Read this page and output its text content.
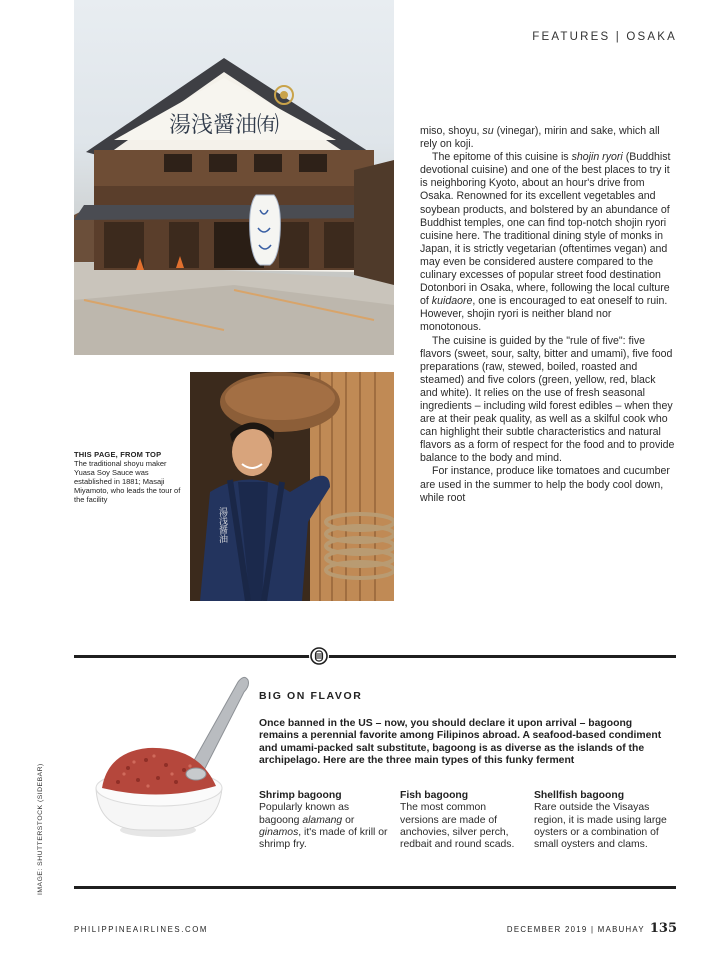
FEATURES | OSAKA
湯浅醤油㈲
湯浅醤油
THIS PAGE, FROM TOP
The traditional shoyu maker Yuasa Soy Sauce was established in 1881; Masaji Miyamoto, who leads the tour of the facility

miso, shoyu, su (vinegar), mirin and sake, which all rely on koji.

The epitome of this cuisine is shojin ryori (Buddhist devotional cuisine) and one of the best places to try it is neighboring Kyoto, about an hour's drive from Osaka. Renowned for its excellent vegetables and soybean products, and bolstered by an abundance of Buddhist temples, one can find top-notch shojin ryori cuisine here. The traditional dining style of monks in Japan, it is strictly vegetarian (oftentimes vegan) and may even be considered austere compared to the culinary excesses of popular street food destination Dotonbori in Osaka, where, following the local culture of kuidaore, one is encouraged to eat oneself to ruin. However, shojin ryori is neither bland nor monotonous.

The cuisine is guided by the "rule of five": five flavors (sweet, sour, salty, bitter and umami), five food preparations (raw, stewed, boiled, roasted and steamed) and five colors (green, yellow, red, black and white). It relies on the use of fresh seasonal ingredients – including wild forest edibles – when they are at their peak quality, as well as a skilful cook who can highlight their subtle characteristics and natural flavors as a form of respect for the food and to provide balance to the body and mind.

For instance, produce like tomatoes and cucumber are used in the summer to help the body cool down, while root

IMAGE: SHUTTERSTOCK (SIDEBAR)
BIG ON FLAVOR
Once banned in the US – now, you should declare it upon arrival – bagoong remains a perennial favorite among Filipinos abroad. A seafood-based condiment and umami-packed salt substitute, bagoong is as diverse as the islands of the archipelago. Here are the three main types of this funky ferment
Shrimp bagoong
Popularly known as bagoong alamang or ginamos, it's made of krill or shrimp fry.
Fish bagoong
The most common versions are made of anchovies, silver perch, redbait and round scads.
Shellfish bagoong
Rare outside the Visayas region, it is made using large oysters or a combination of small oysters and clams.
PHILIPPINEAIRLINES.COM	DECEMBER 2019 | MABUHAY 135
